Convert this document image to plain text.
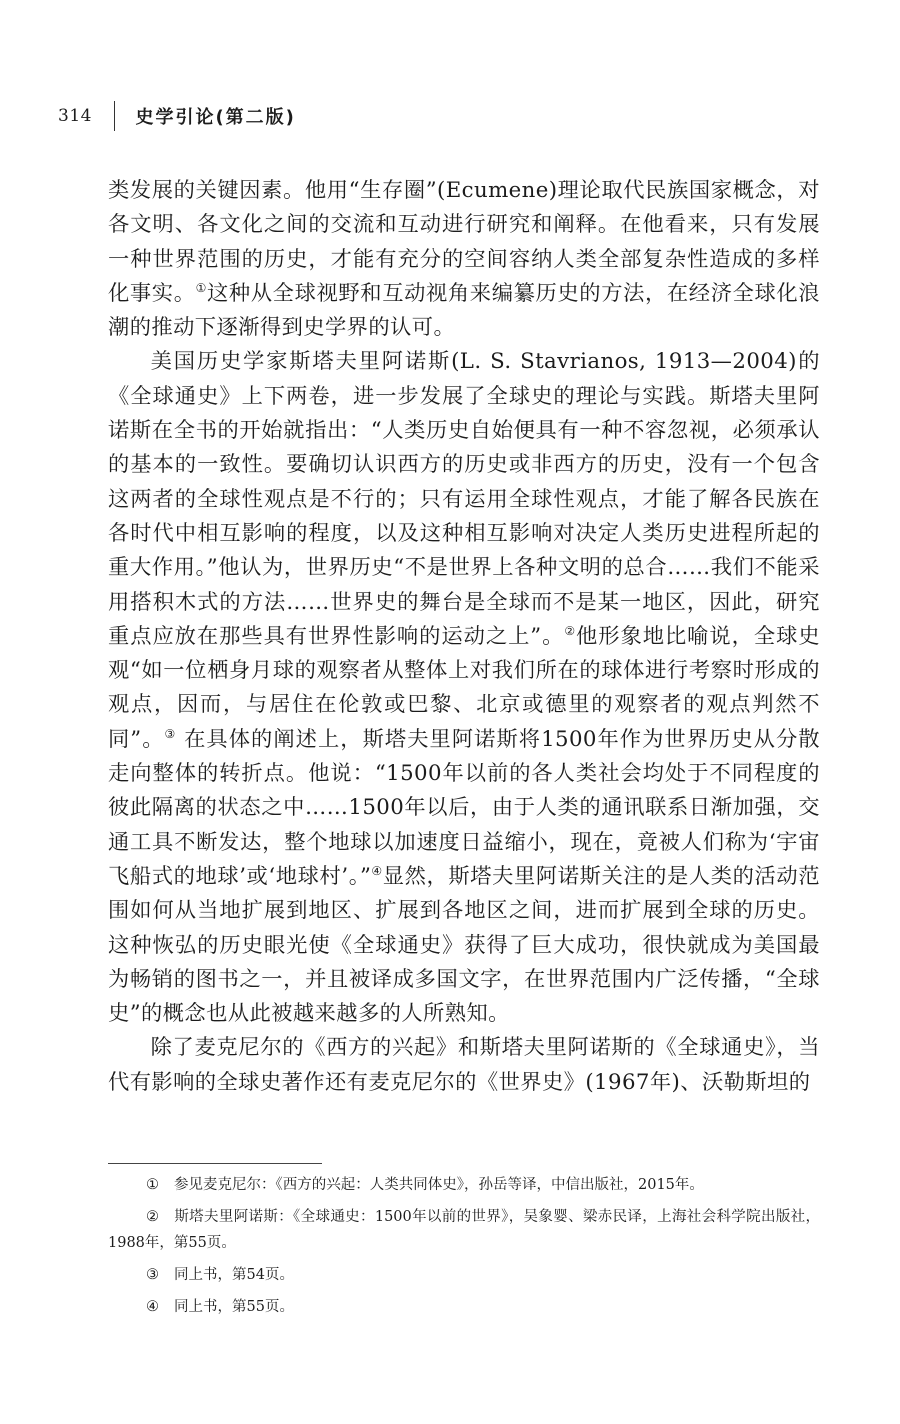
314 史学引论(第二版)

类发展的关键因素。他用“生存圈”(Ecumene)理论取代民族国家概念，对各文明、各文化之间的交流和互动进行研究和阐释。在他看来，只有发展一种世界范围的历史，才能有充分的空间容纳人类全部复杂性造成的多样化事实。①这种从全球视野和互动视角来编纂历史的方法，在经济全球化浪潮的推动下逐渐得到史学界的认可。

美国历史学家斯塔夫里阿诺斯(L. S. Stavrianos, 1913—2004)的《全球通史》上下两卷，进一步发展了全球史的理论与实践。斯塔夫里阿诺斯在全书的开始就指出：“人类历史自始便具有一种不容忽视，必须承认的基本的一致性。要确切认识西方的历史或非西方的历史，没有一个包含这两者的全球性观点是不行的；只有运用全球性观点，才能了解各民族在各时代中相互影响的程度，以及这种相互影响对决定人类历史进程所起的重大作用。”他认为，世界历史“不是世界上各种文明的总合……我们不能采用搭积木式的方法……世界史的舞台是全球而不是某一地区，因此，研究重点应放在那些具有世界性影响的运动之上”。②他形象地比喻说，全球史观“如一位栖身月球的观察者从整体上对我们所在的球体进行考察时形成的观点，因而，与居住在伦敦或巴黎、北京或德里的观察者的观点判然不同”。③ 在具体的阐述上，斯塔夫里阿诺斯将1500年作为世界历史从分散走向整体的转折点。他说：“1500年以前的各人类社会均处于不同程度的彼此隔离的状态之中……1500年以后，由于人类的通讯联系日渐加强，交通工具不断发达，整个地球以加速度日益缩小，现在，竟被人们称为‘宇宙飞船式的地球’或‘地球村’。”④显然，斯塔夫里阿诺斯关注的是人类的活动范围如何从当地扩展到地区、扩展到各地区之间，进而扩展到全球的历史。这种恢弘的历史眼光使《全球通史》获得了巨大成功，很快就成为美国最为畅销的图书之一，并且被译成多国文字，在世界范围内广泛传播，“全球史”的概念也从此被越来越多的人所熟知。

除了麦克尼尔的《西方的兴起》和斯塔夫里阿诺斯的《全球通史》，当代有影响的全球史著作还有麦克尼尔的《世界史》(1967年)、沃勒斯坦的

① 参见麦克尼尔：《西方的兴起：人类共同体史》，孙岳等译，中信出版社，2015年。

② 斯塔夫里阿诺斯：《全球通史：1500年以前的世界》，吴象婴、梁赤民译，上海社会科学院出版社，1988年，第55页。

③ 同上书，第54页。

④ 同上书，第55页。
